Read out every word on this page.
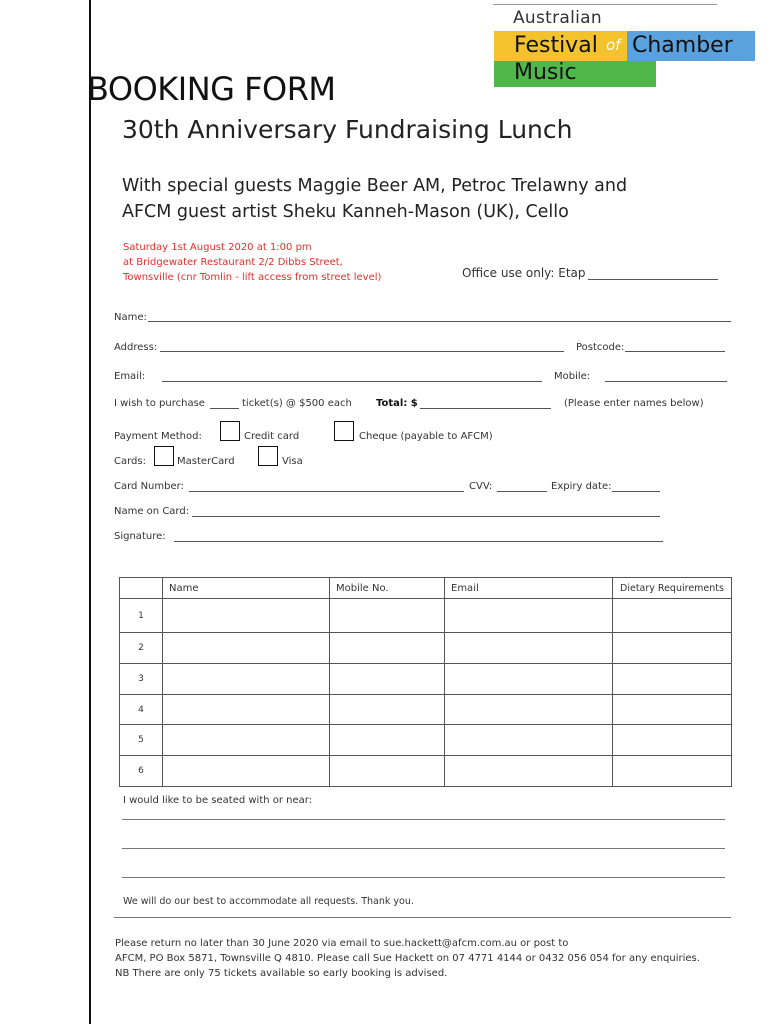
Australian
Festival of Chamber
Music
BOOKING FORM
30th Anniversary Fundraising Lunch
With special guests Maggie Beer AM, Petroc Trelawny and
AFCM guest artist Sheku Kanneh-Mason (UK), Cello
Saturday 1st August 2020 at 1:00 pm
at Bridgewater Restaurant 2/2 Dibbs Street,
Townsville (cnr Tomlin - lift access from street level)	Office use only: Etap
Name:
Address:	Postcode:
Email:	Mobile:
I wish to purchase	ticket(s) @ $500 each Total: $	(Please enter names below)
Payment Method:	Credit card	Cheque (payable to AFCM)
Cards:	MasterCard	Visa
Card Number:	CVV:	Expiry date:
Name on Card:
Signature:
	Name	Mobile No.	Email	Dietary Requirements
1				
2				
3				
4				
5				
6				
I would like to be seated with or near:
We will do our best to accommodate all requests. Thank you.
Please return no later than 30 June 2020 via email to sue.hackett@afcm.com.au or post to
AFCM, PO Box 5871, Townsville Q 4810. Please call Sue Hackett on 07 4771 4144 or 0432 056 054 for any enquiries.
NB There are only 75 tickets available so early booking is advised.
